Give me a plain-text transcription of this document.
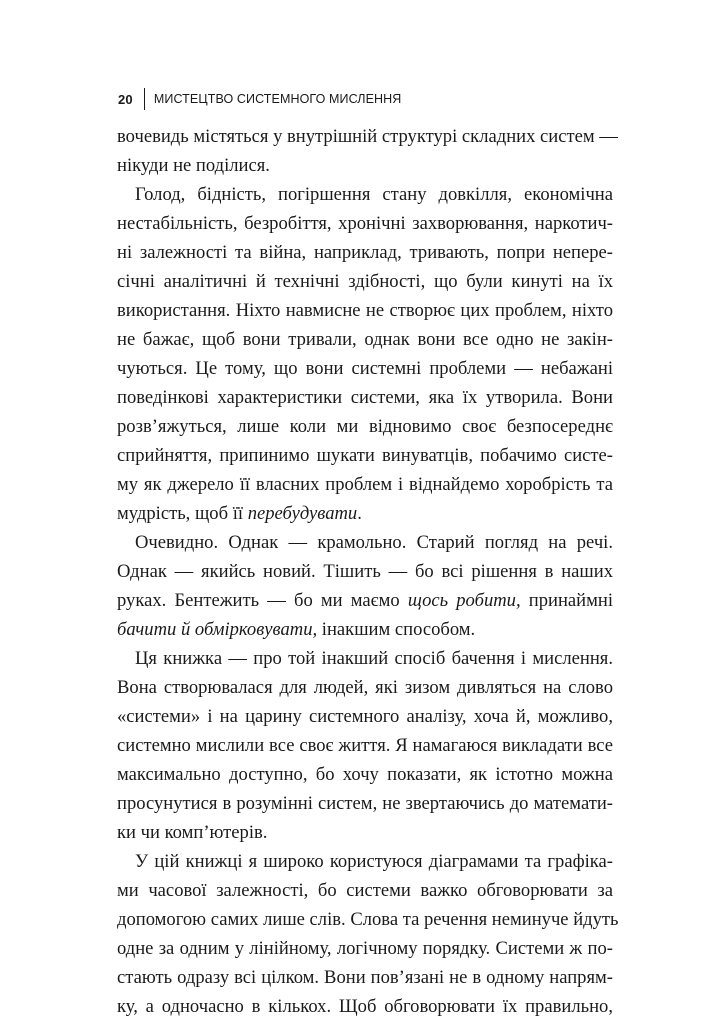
20 МИСТЕЦТВО СИСТЕМНОГО МИСЛЕННЯ
вочевидь містяться у внутрішній структурі складних систем —
нікуди не поділися.
Голод, бідність, погіршення стану довкілля, економічна
нестабільність, безробіття, хронічні захворювання, наркотич-
ні залежності та війна, наприклад, тривають, попри непере-
січні аналітичні й технічні здібності, що були кинуті на їх
використання. Ніхто навмисне не створює цих проблем, ніхто
не бажає, щоб вони тривали, однак вони все одно не закін-
чуються. Це тому, що вони системні проблеми — небажані
поведінкові характеристики системи, яка їх утворила. Вони
розв’яжуться, лише коли ми відновимо своє безпосереднє
сприйняття, припинимо шукати винуватців, побачимо систе-
му як джерело її власних проблем і віднайдемо хоробрість та
мудрість, щоб її перебудувати.
Очевидно. Однак — крамольно. Старий погляд на речі.
Однак — якийсь новий. Тішить — бо всі рішення в наших
руках. Бентежить — бо ми маємо щось робити, принаймні
бачити й обмірковувати, інакшим способом.
Ця книжка — про той інакший спосіб бачення і мислення.
Вона створювалася для людей, які зизом дивляться на слово
«системи» і на царину системного аналізу, хоча й, можливо,
системно мислили все своє життя. Я намагаюся викладати все
максимально доступно, бо хочу показати, як істотно можна
просунутися в розумінні систем, не звертаючись до математи-
ки чи комп’ютерів.
У цій книжці я широко користуюся діаграмами та графіка-
ми часової залежності, бо системи важко обговорювати за
допомогою самих лише слів. Слова та речення неминуче йдуть
одне за одним у лінійному, логічному порядку. Системи ж по-
стають одразу всі цілком. Вони пов’язані не в одному напрям-
ку, а одночасно в кількох. Щоб обговорювати їх правильно,
